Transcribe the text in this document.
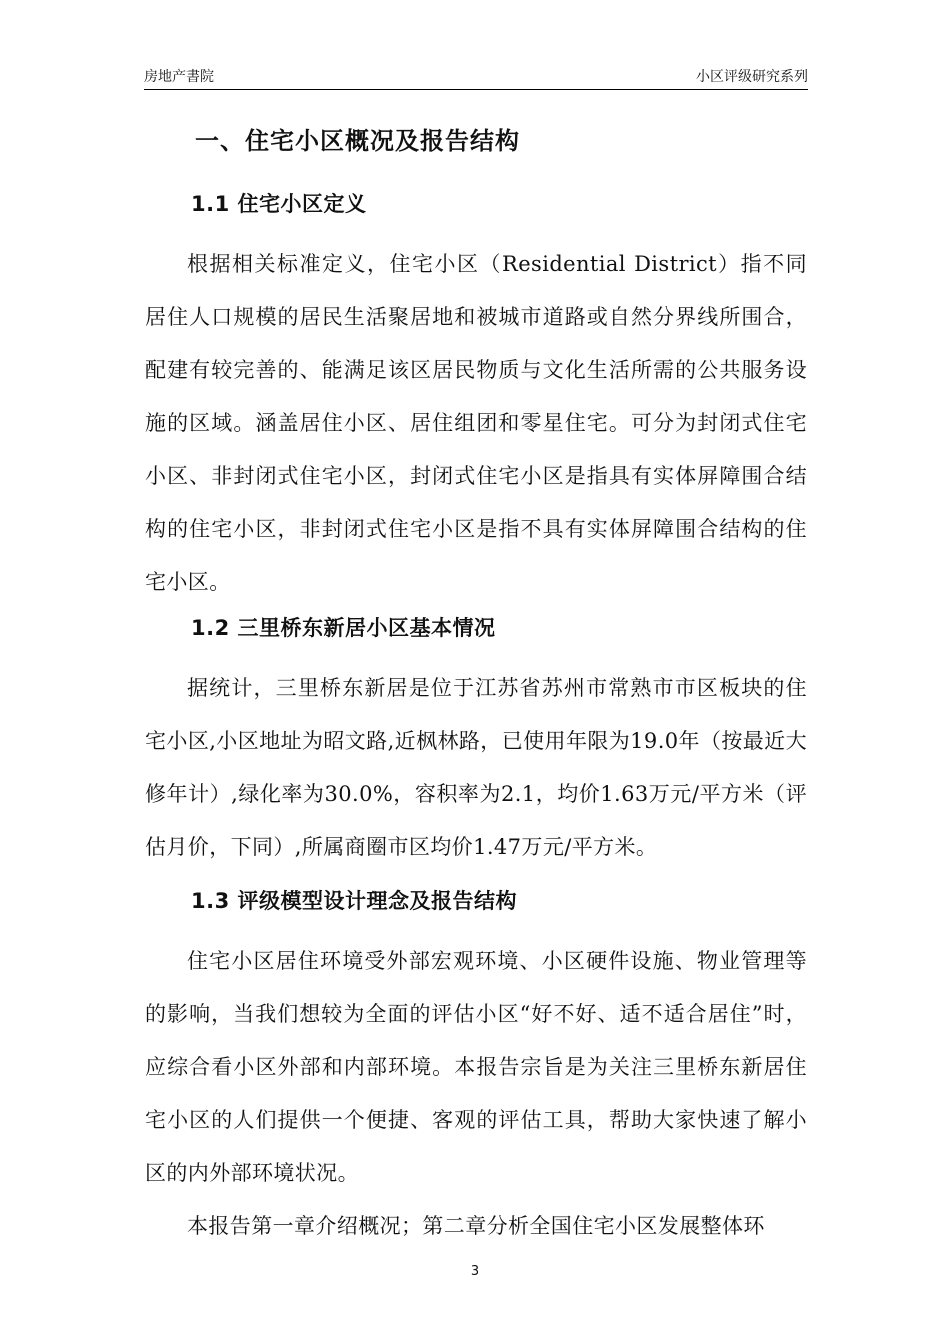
房地产書院	小区评级研究系列
一、住宅小区概况及报告结构
1.1 住宅小区定义

根据相关标准定义，住宅小区（Residential District）指不同居住人口规模的居民生活聚居地和被城市道路或自然分界线所围合，配建有较完善的、能满足该区居民物质与文化生活所需的公共服务设施的区域。涵盖居住小区、居住组团和零星住宅。可分为封闭式住宅小区、非封闭式住宅小区，封闭式住宅小区是指具有实体屏障围合结构的住宅小区，非封闭式住宅小区是指不具有实体屏障围合结构的住宅小区。

1.2 三里桥东新居小区基本情况

据统计，三里桥东新居是位于江苏省苏州市常熟市市区板块的住宅小区,小区地址为昭文路,近枫林路，已使用年限为19.0年（按最近大修年计）,绿化率为30.0%，容积率为2.1，均价1.63万元/平方米（评估月价，下同）,所属商圈市区均价1.47万元/平方米。

1.3 评级模型设计理念及报告结构

住宅小区居住环境受外部宏观环境、小区硬件设施、物业管理等的影响，当我们想较为全面的评估小区“好不好、适不适合居住”时，应综合看小区外部和内部环境。本报告宗旨是为关注三里桥东新居住宅小区的人们提供一个便捷、客观的评估工具，帮助大家快速了解小区的内外部环境状况。

本报告第一章介绍概况；第二章分析全国住宅小区发展整体环

3
